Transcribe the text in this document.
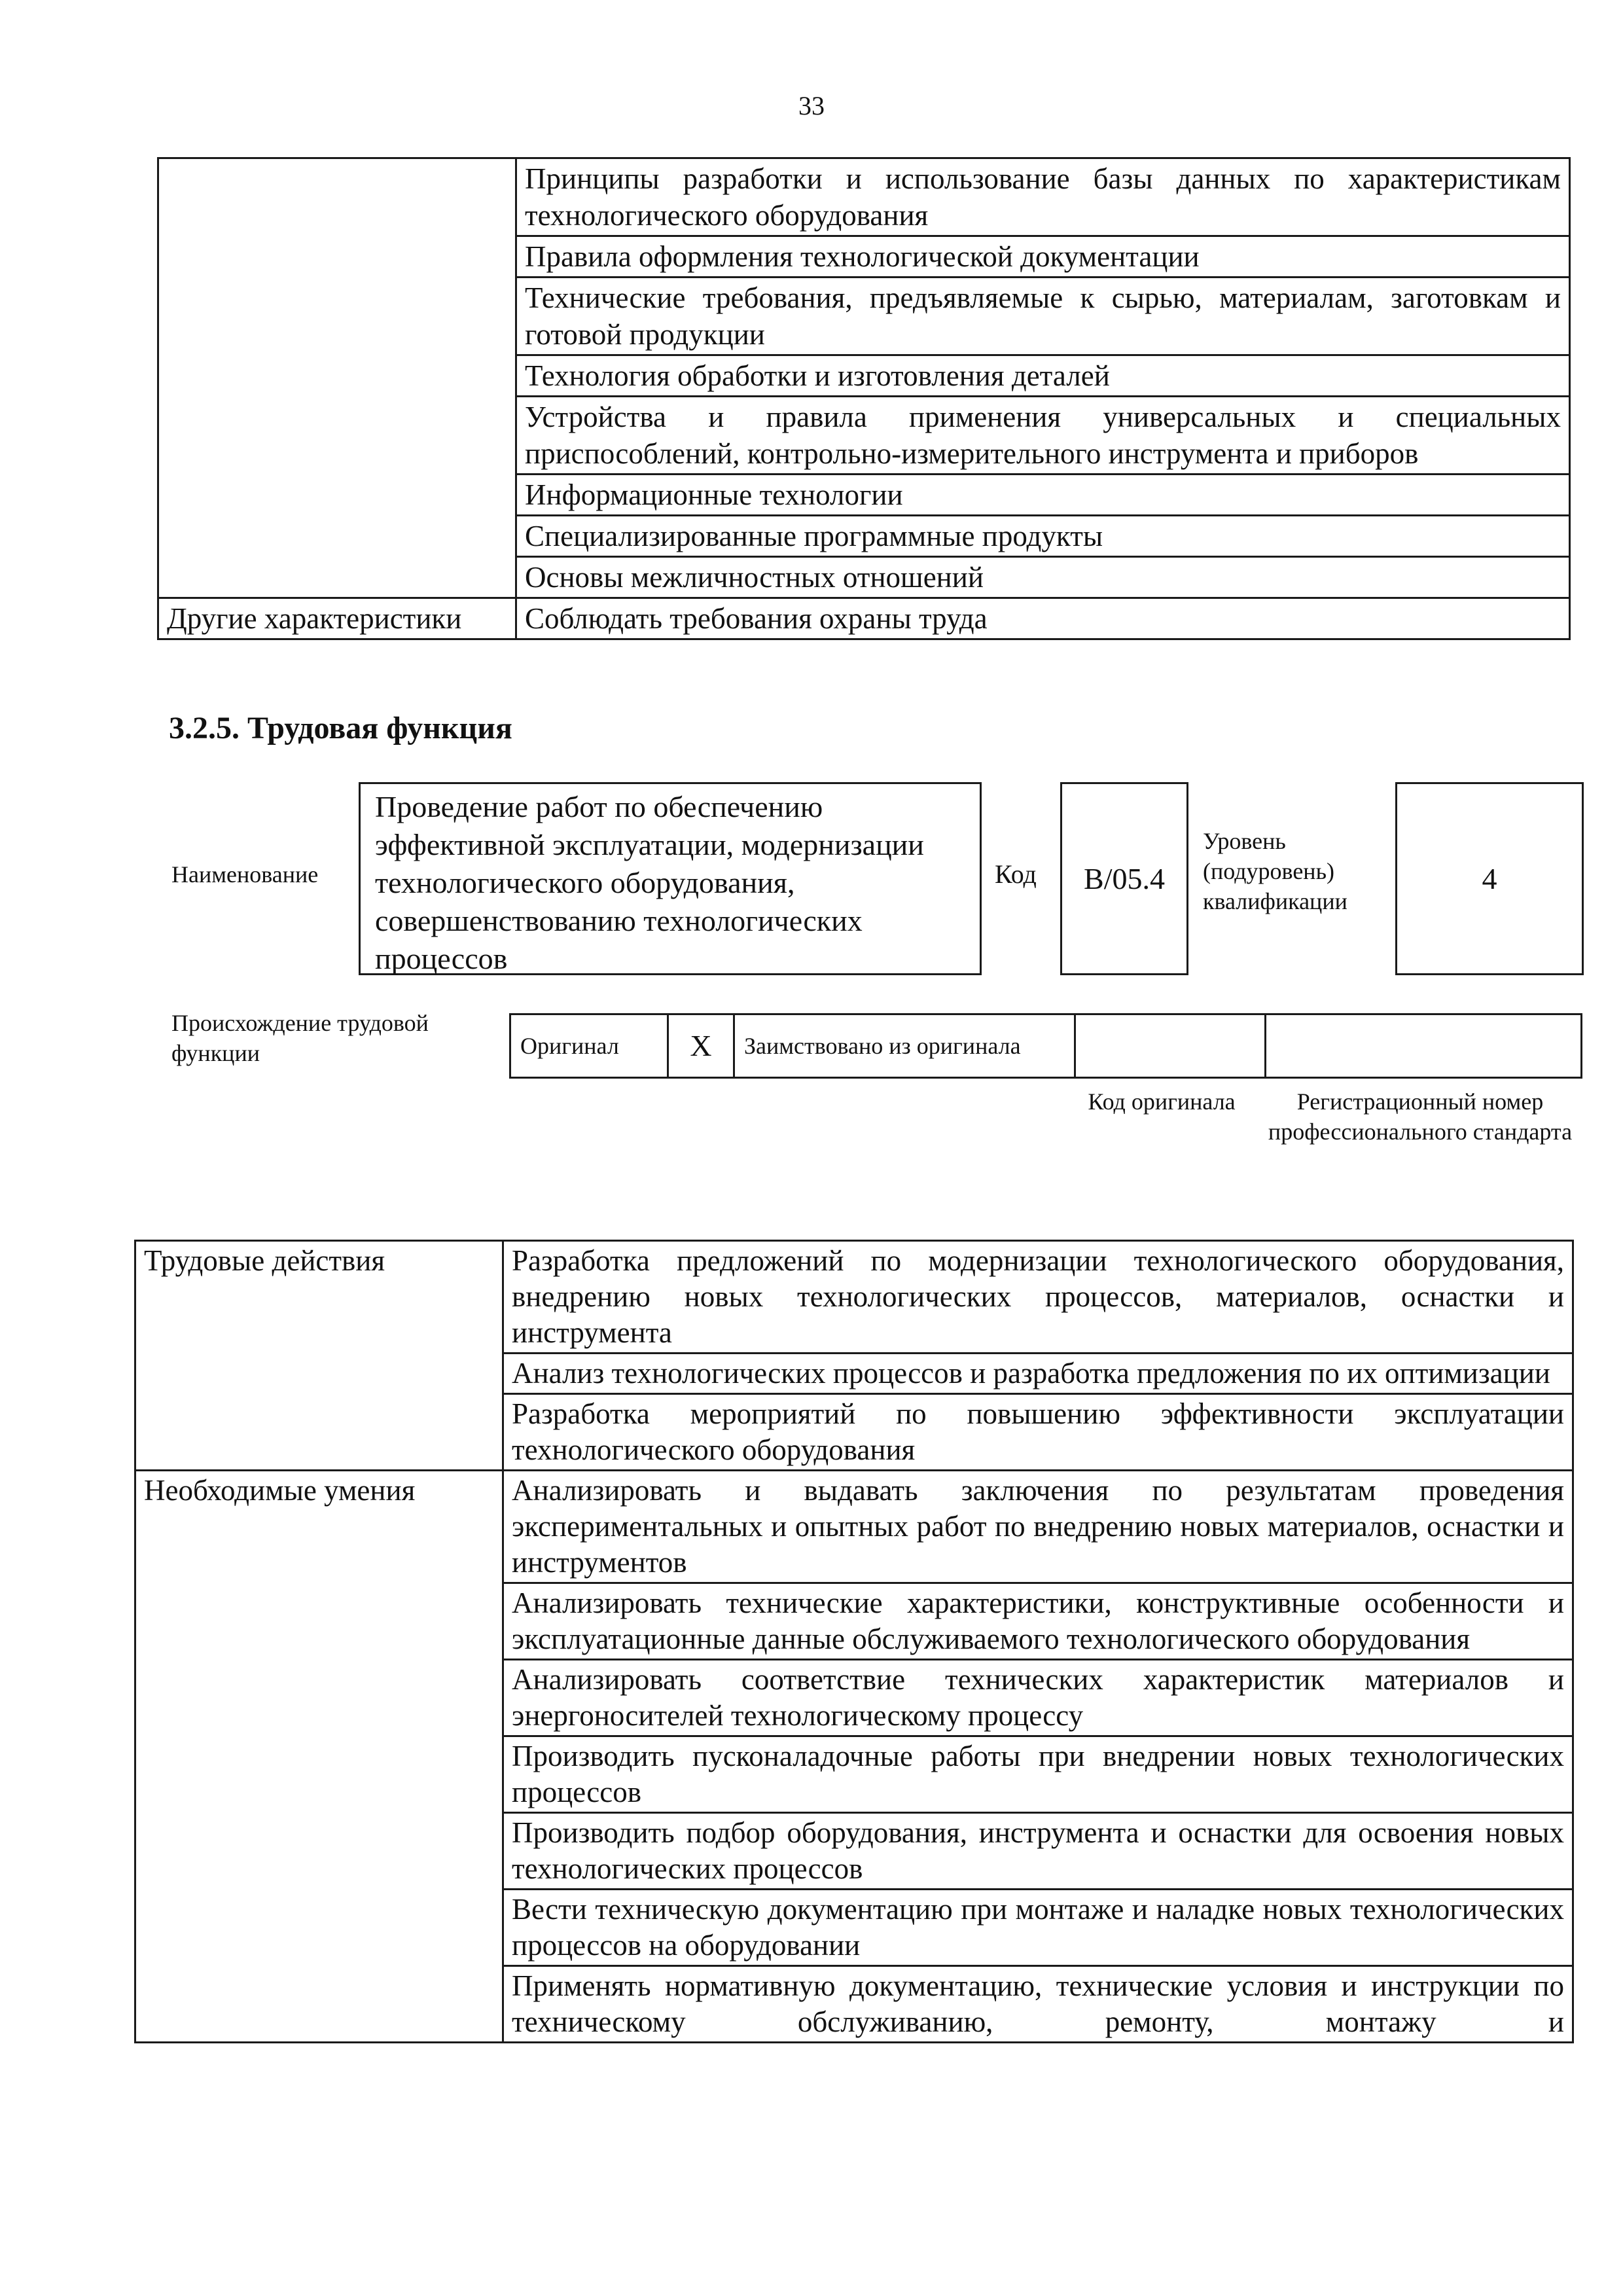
33
	Принципы разработки и использование базы данных по характеристикам технологического оборудования
	Правила оформления технологической документации
	Технические требования, предъявляемые к сырью, материалам, заготовкам и готовой продукции
	Технология обработки и изготовления деталей
	Устройства и правила применения универсальных и специальных приспособлений, контрольно-измерительного инструмента и приборов
	Информационные технологии
	Специализированные программные продукты
	Основы межличностных отношений
Другие характеристики	Соблюдать требования охраны труда
3.2.5. Трудовая функция
Наименование
Проведение работ по обеспечению эффективной эксплуатации, модернизации технологического оборудования, совершенствованию технологических процессов
Код	B/05.4
Уровень (подуровень) квалификации
4
Происхождение трудовой функции	Оригинал	X	Заимствовано из оригинала		
Код оригинала	Регистрационный номер профессионального стандарта
Трудовые действия	Разработка предложений по модернизации технологического оборудования, внедрению новых технологических процессов, материалов, оснастки и инструмента
	Анализ технологических процессов и разработка предложения по их оптимизации
	Разработка мероприятий по повышению эффективности эксплуатации технологического оборудования
Необходимые умения	Анализировать и выдавать заключения по результатам проведения экспериментальных и опытных работ по внедрению новых материалов, оснастки и инструментов
	Анализировать технические характеристики, конструктивные особенности и эксплуатационные данные обслуживаемого технологического оборудования
	Анализировать соответствие технических характеристик материалов и энергоносителей технологическому процессу
	Производить пусконаладочные работы при внедрении новых технологических процессов
	Производить подбор оборудования, инструмента и оснастки для освоения новых технологических процессов
	Вести техническую документацию при монтаже и наладке новых технологических процессов на оборудовании
	Применять нормативную документацию, технические условия и инструкции по техническому обслуживанию, ремонту, монтажу и
